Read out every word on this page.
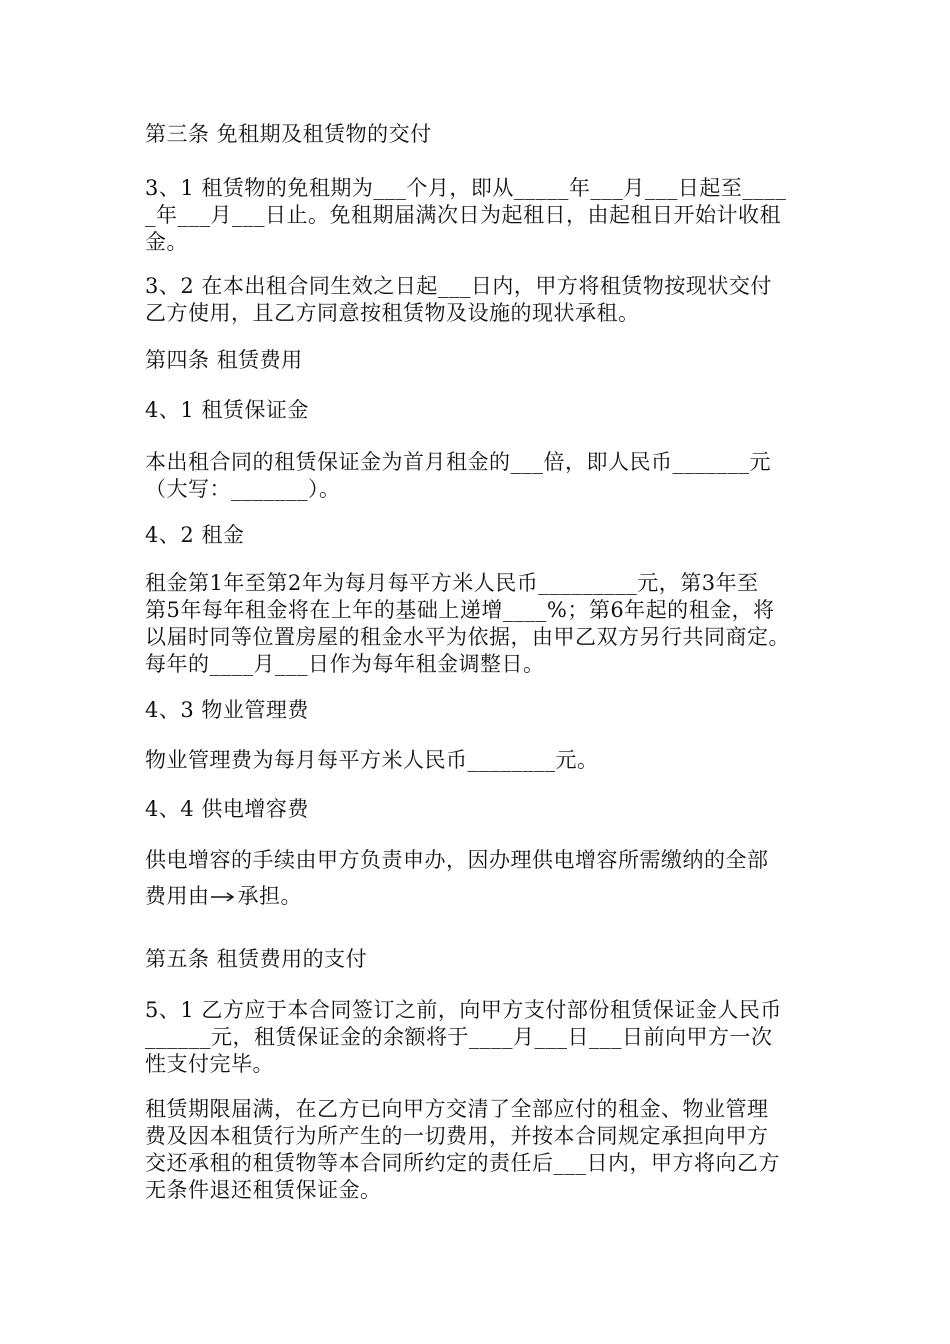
第三条 免租期及租赁物的交付

3、1 租赁物的免租期为___个月，即从_____年___月___日起至____
_年___月___日止。免租期届满次日为起租日，由起租日开始计收租
金。

3、2 在本出租合同生效之日起___日内，甲方将租赁物按现状交付
乙方使用，且乙方同意按租赁物及设施的现状承租。

第四条 租赁费用

4、1 租赁保证金

本出租合同的租赁保证金为首月租金的___倍，即人民币_______元
（大写：_______）。

4、2 租金

租金第1年至第2年为每月每平方米人民币_________元，第3年至
第5年每年租金将在上年的基础上递增____%；第6年起的租金，将
以届时同等位置房屋的租金水平为依据，由甲乙双方另行共同商定。
每年的____月___日作为每年租金调整日。

4、3 物业管理费

物业管理费为每月每平方米人民币________元。

4、4 供电增容费

供电增容的手续由甲方负责申办，因办理供电增容所需缴纳的全部
费用由 承担。

第五条 租赁费用的支付

5、1 乙方应于本合同签订之前，向甲方支付部份租赁保证金人民币
______元，租赁保证金的余额将于____月___日___日前向甲方一次
性支付完毕。

租赁期限届满，在乙方已向甲方交清了全部应付的租金、物业管理
费及因本租赁行为所产生的一切费用，并按本合同规定承担向甲方
交还承租的租赁物等本合同所约定的责任后___日内，甲方将向乙方
无条件退还租赁保证金。
